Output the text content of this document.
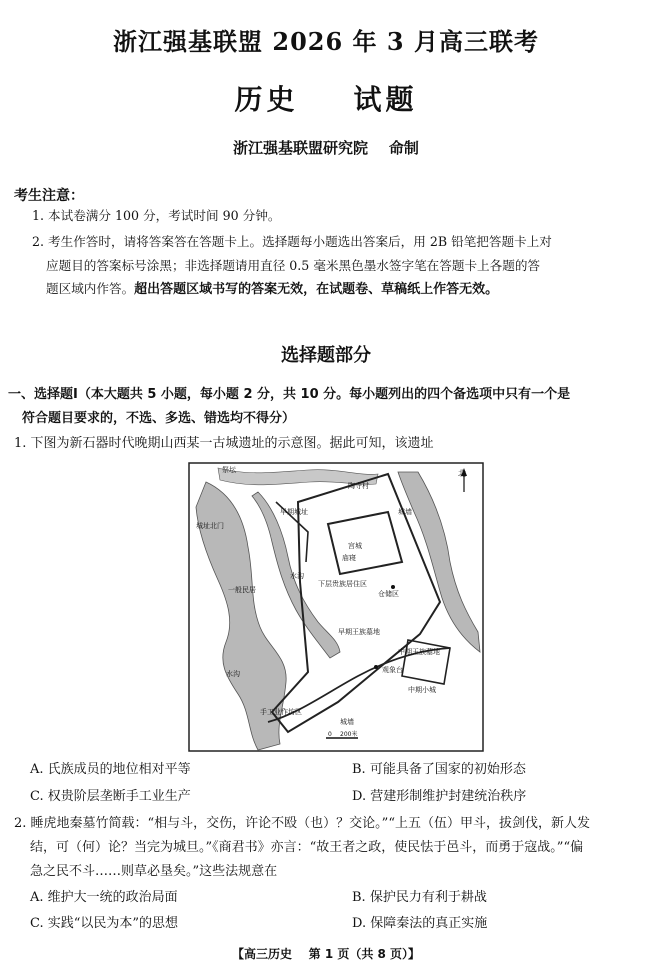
浙江强基联盟 2026 年 3 月高三联考
历史    试题
浙江强基联盟研究院    命制
考生注意：
1. 本试卷满分 100 分，考试时间 90 分钟。
2. 考生作答时，请将答案答在答题卡上。选择题每小题选出答案后，用 2B 铅笔把答题卡上对
应题目的答案标号涂黑；非选择题请用直径 0.5 毫米黑色墨水签字笔在答题卡上各题的答
题区域内作答。超出答题区域书写的答案无效，在试题卷、草稿纸上作答无效。
选择题部分
一、选择题Ⅰ（本大题共 5 小题，每小题 2 分，共 10 分。每小题列出的四个备选项中只有一个是
符合题目要求的，不选、多选、错选均不得分）
1. 下图为新石器时代晚期山西某一古城遗址的示意图。据此可知，该遗址
北
0 200米
祭坛
陶寺村
早期城址
城址北门
城墙
宫城
庙寝
水沟
一般民居
下层贵族居住区
仓储区
早期王族墓地
中期王族墓地
观象台
中期小城
水沟
手工业作坊区
城墙
A. 氏族成员的地位相对平等	B. 可能具备了国家的初始形态
C. 权贵阶层垄断手工业生产	D. 营建形制维护封建统治秩序
2. 睡虎地秦墓竹简载：“相与斗，交伤，许论不殴（也）？交论。”“上五（伍）甲斗，拔剑伐，新人发
结，可（何）论？当完为城旦。”《商君书》亦言：“故王者之政，使民怯于邑斗，而勇于寇战。”“偏
急之民不斗……则草必垦矣。”这些法规意在
A. 维护大一统的政治局面	B. 保护民力有利于耕战
C. 实践“以民为本”的思想	D. 保障秦法的真正实施
【高三历史    第 1 页（共 8 页）】
